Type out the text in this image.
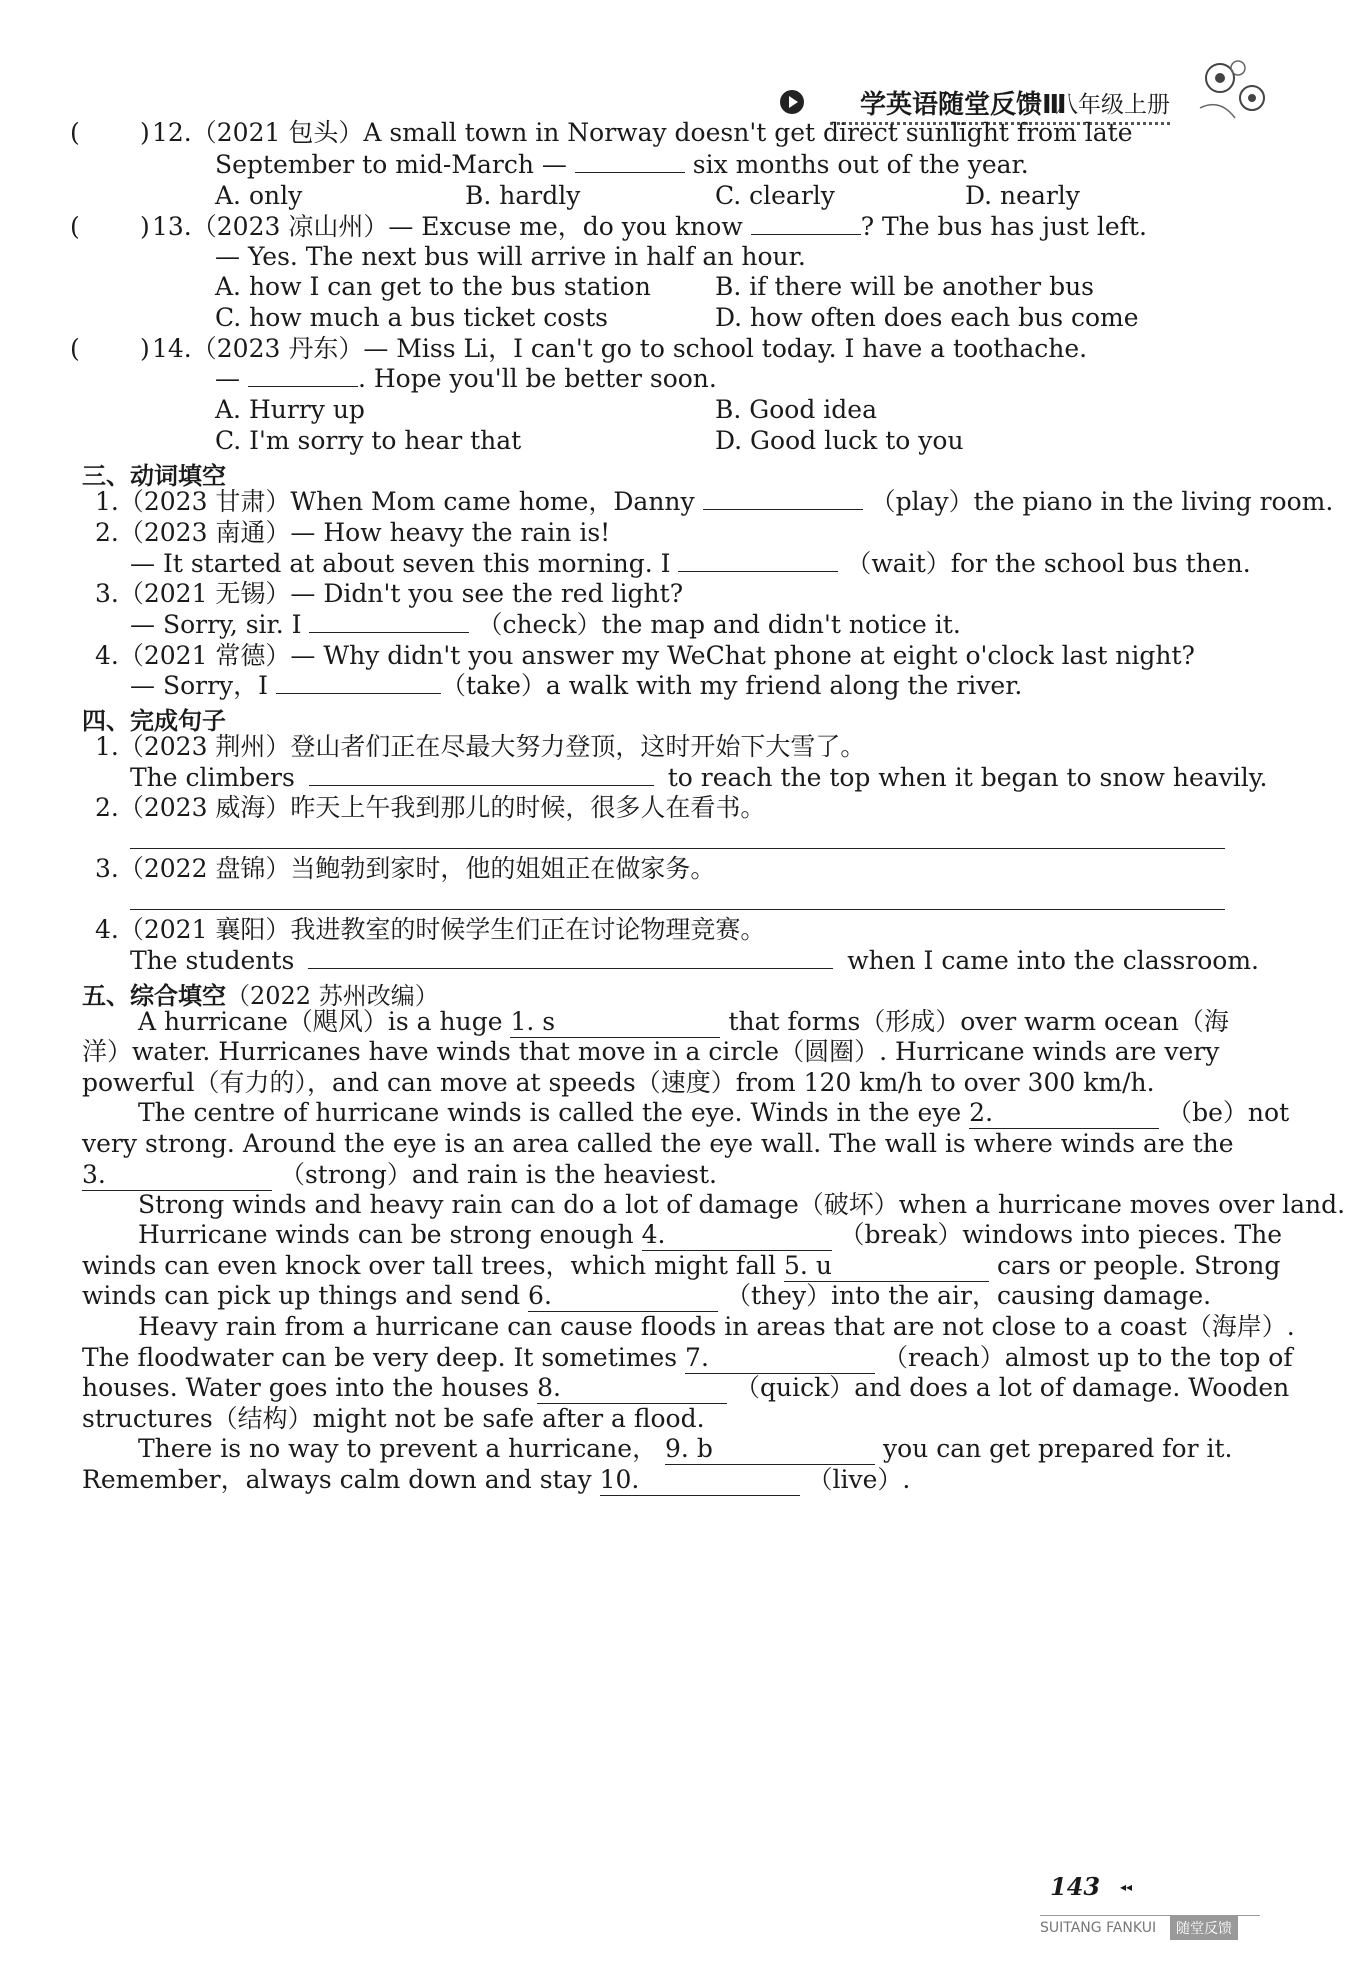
学英语随堂反馈Ⅲ
八年级上册
( ) 12.（2021 包头）A small town in Norway doesn't get direct sunlight from late
September to mid-March —	six months out of the year.
A. only	B. hardly	C. clearly	D. nearly
( ) 13.（2023 凉山州）— Excuse me，do you know	? The bus has just left.
— Yes. The next bus will arrive in half an hour.
A. how I can get to the bus station	B. if there will be another bus
C. how much a bus ticket costs	D. how often does each bus come
( ) 14.（2023 丹东）— Miss Li，I can't go to school today. I have a toothache.
—	. Hope you'll be better soon.
A. Hurry up	B. Good idea
C. I'm sorry to hear that	D. Good luck to you
三、动词填空
1.（2023 甘肃）When Mom came home，Danny	（play）the piano in the living room.
2.（2023 南通）— How heavy the rain is!
— It started at about seven this morning. I	（wait）for the school bus then.
3.（2021 无锡）— Didn't you see the red light?
— Sorry, sir. I	（check）the map and didn't notice it.
4.（2021 常德）— Why didn't you answer my WeChat phone at eight o'clock last night?
— Sorry，I	（take）a walk with my friend along the river.
四、完成句子
1.（2023 荆州）登山者们正在尽最大努力登顶，这时开始下大雪了。
The climbers	to reach the top when it began to snow heavily.
2.（2023 威海）昨天上午我到那儿的时候，很多人在看书。
3.（2022 盘锦）当鲍勃到家时，他的姐姐正在做家务。
4.（2021 襄阳）我进教室的时候学生们正在讨论物理竞赛。
The students	when I came into the classroom.
五、综合填空（2022 苏州改编）
A hurricane（飓风）is a huge 1. s	that forms（形成）over warm ocean（海
洋）water. Hurricanes have winds that move in a circle（圆圈）. Hurricane winds are very
powerful（有力的），and can move at speeds（速度）from 120 km/h to over 300 km/h.
The centre of hurricane winds is called the eye. Winds in the eye 2.	（be）not
very strong. Around the eye is an area called the eye wall. The wall is where winds are the
3.	（strong）and rain is the heaviest.
Strong winds and heavy rain can do a lot of damage（破坏）when a hurricane moves over land.
Hurricane winds can be strong enough 4.	（break）windows into pieces. The
winds can even knock over tall trees，which might fall 5. u	cars or people. Strong
winds can pick up things and send 6.	（they）into the air，causing damage.
Heavy rain from a hurricane can cause floods in areas that are not close to a coast（海岸）.
The floodwater can be very deep. It sometimes 7.	（reach）almost up to the top of
houses. Water goes into the houses 8.	（quick）and does a lot of damage. Wooden
structures（结构）might not be safe after a flood.
There is no way to prevent a hurricane， 9. b	you can get prepared for it.
Remember，always calm down and stay 10.	（live）.
143 ◂◂
SUITANG FANKUI	随堂反馈
